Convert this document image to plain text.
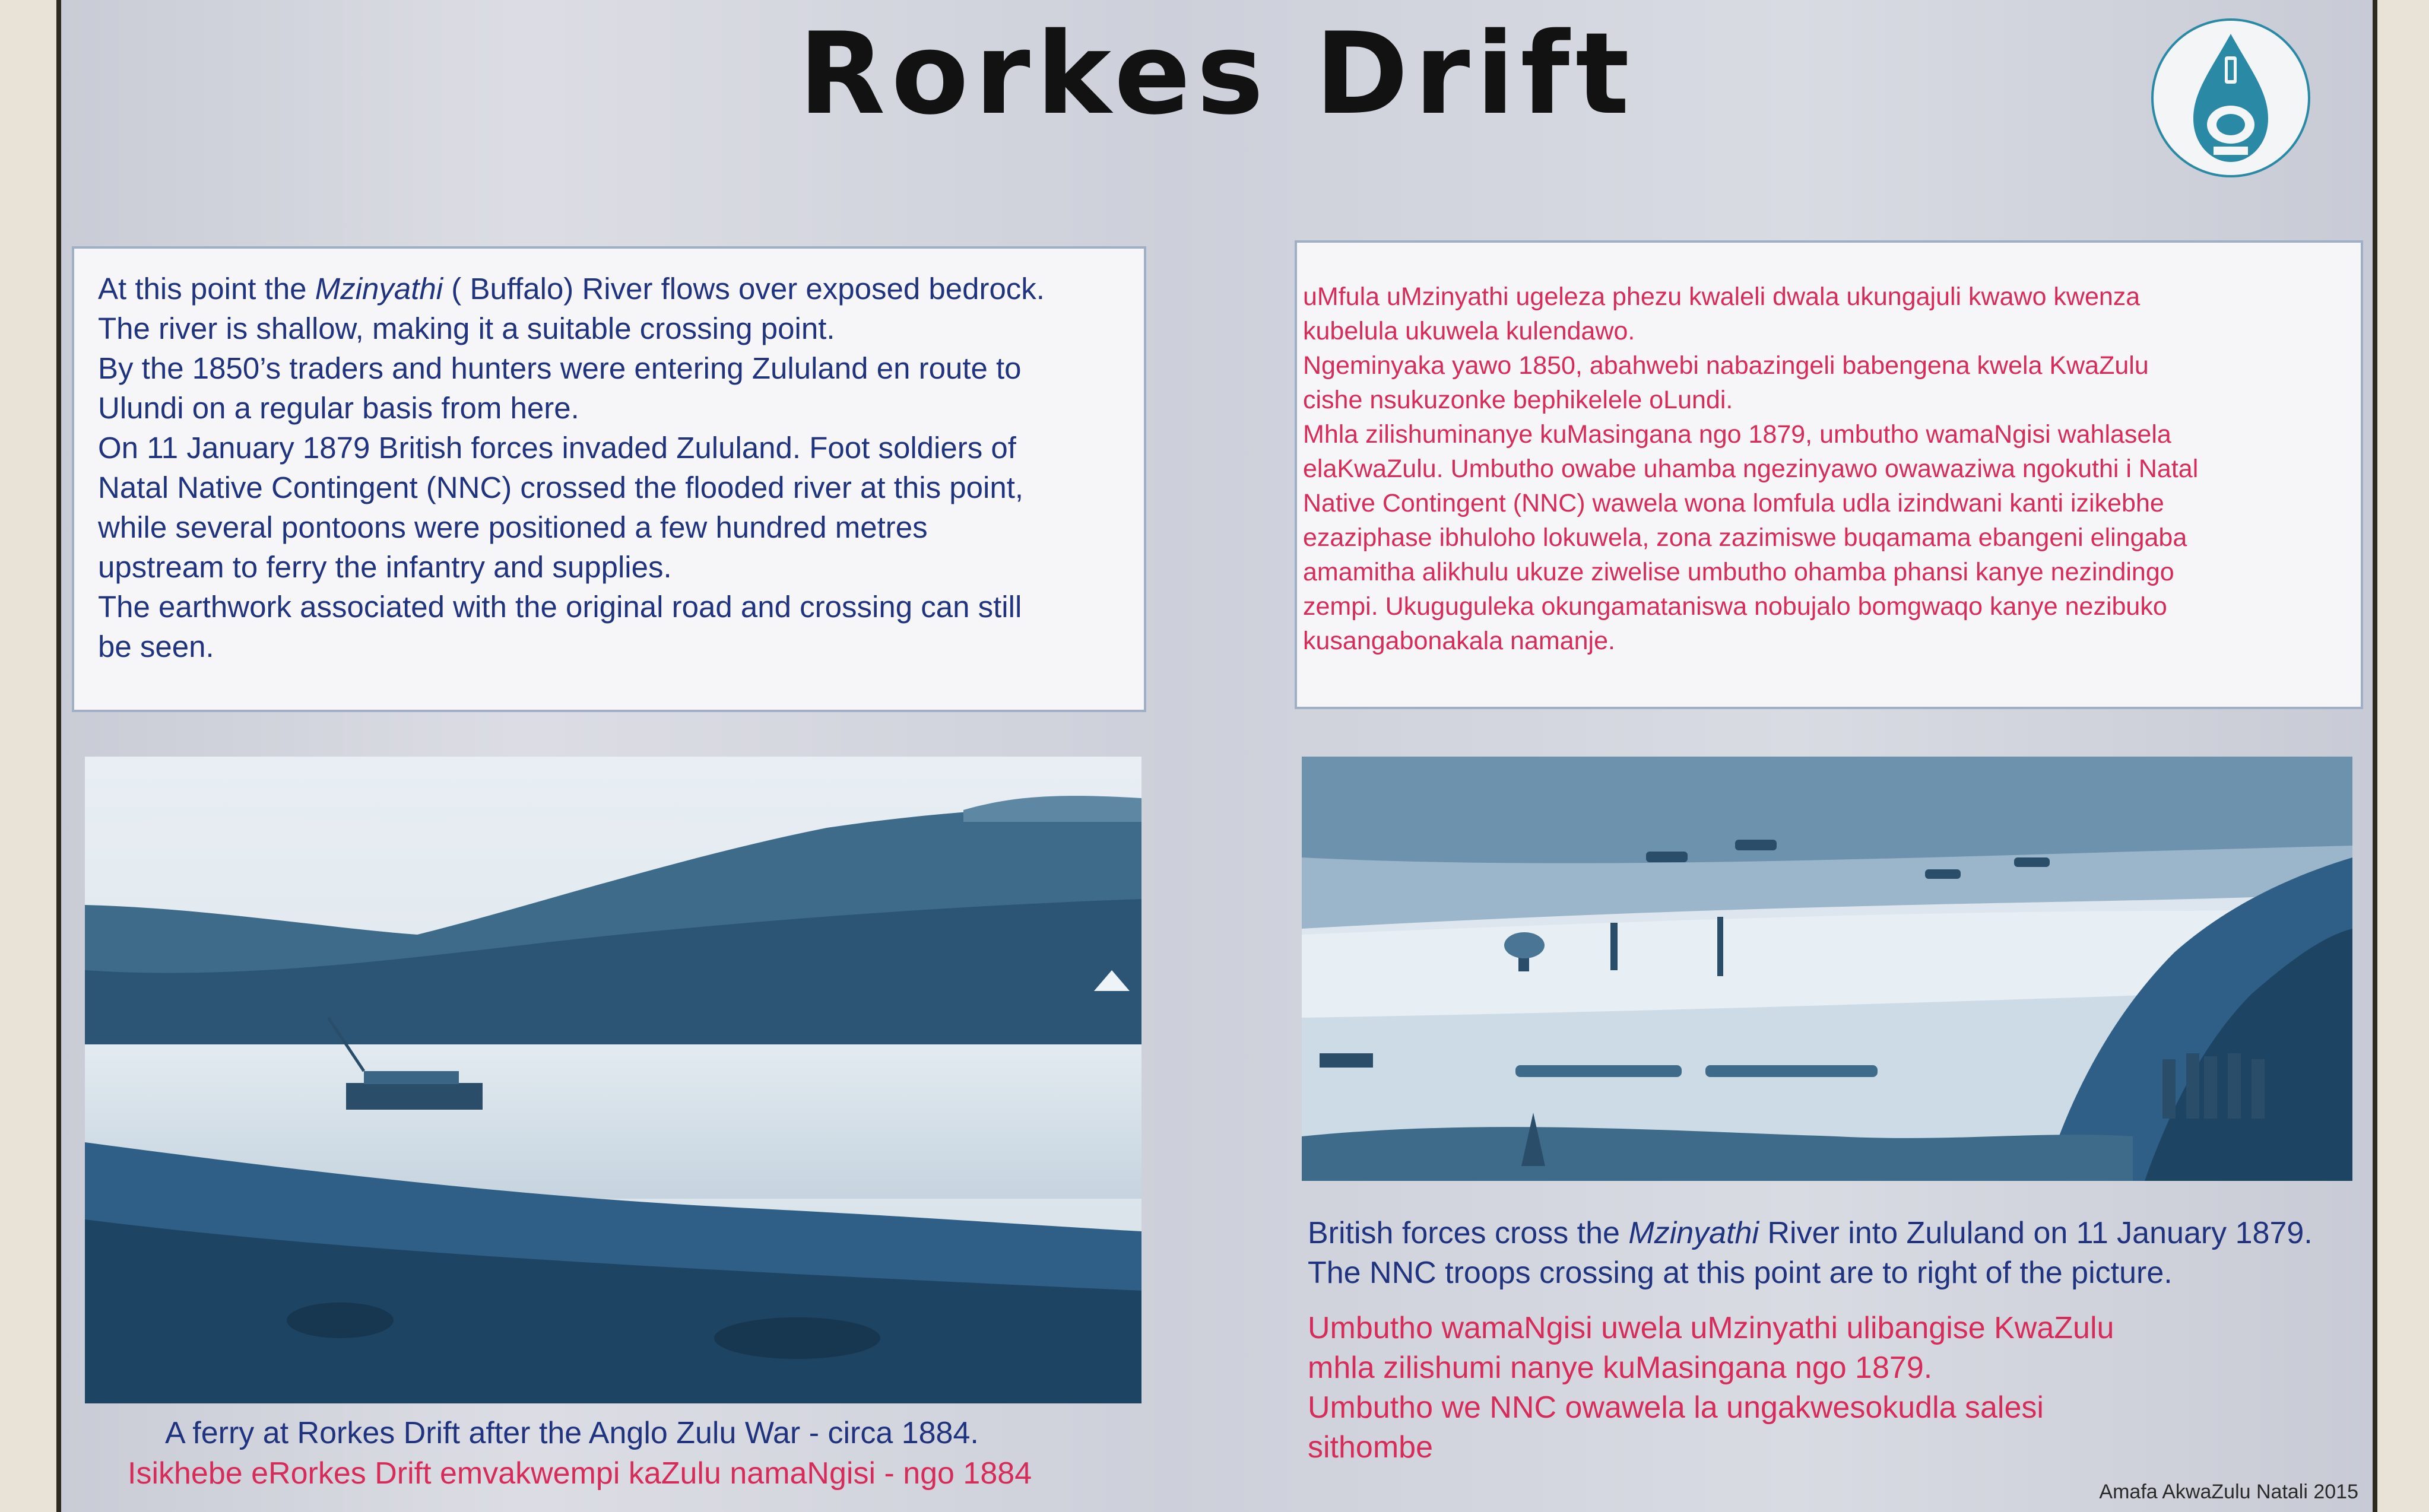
Rorkes Drift

At this point the Mzinyathi ( Buffalo) River flows over exposed bedrock.

The river is shallow, making it a suitable crossing point.

By the 1850’s traders and hunters were entering Zululand en route to

Ulundi on a regular basis from here.

On 11 January 1879 British forces invaded Zululand. Foot soldiers of

Natal Native Contingent (NNC) crossed the flooded river at this point,

while several pontoons were positioned a few hundred metres

upstream to ferry the infantry and supplies.

The earthwork associated with the original road and crossing can still

be seen.

uMfula uMzinyathi ugeleza phezu kwaleli dwala ukungajuli kwawo kwenza

kubelula ukuwela kulendawo.

Ngeminyaka yawo 1850, abahwebi nabazingeli babengena kwela KwaZulu

cishe nsukuzonke bephikelele oLundi.

Mhla zilishuminanye kuMasingana ngo 1879, umbutho wamaNgisi wahlasela

elaKwaZulu. Umbutho owabe uhamba ngezinyawo owawaziwa ngokuthi i Natal

Native Contingent (NNC) wawela wona lomfula udla izindwani kanti izikebhe

ezaziphase ibhuloho lokuwela, zona zazimiswe buqamama ebangeni elingaba

amamitha alikhulu ukuze ziwelise umbutho ohamba phansi kanye nezindingo

zempi. Ukuguguleka okungamataniswa nobujalo bomgwaqo kanye nezibuko

kusangabonakala namanje.

A ferry at Rorkes Drift after the Anglo Zulu War - circa 1884.

Isikhebe eRorkes Drift emvakwempi kaZulu namaNgisi - ngo 1884

British forces cross the Mzinyathi River into Zululand on 11 January 1879.

The NNC troops crossing at this point are to right of the picture.

Umbutho wamaNgisi uwela uMzinyathi ulibangise KwaZulu

mhla zilishumi nanye kuMasingana ngo 1879.

Umbutho we NNC owawela la ungakwesokudla salesi

sithombe

Amafa AkwaZulu Natali 2015
